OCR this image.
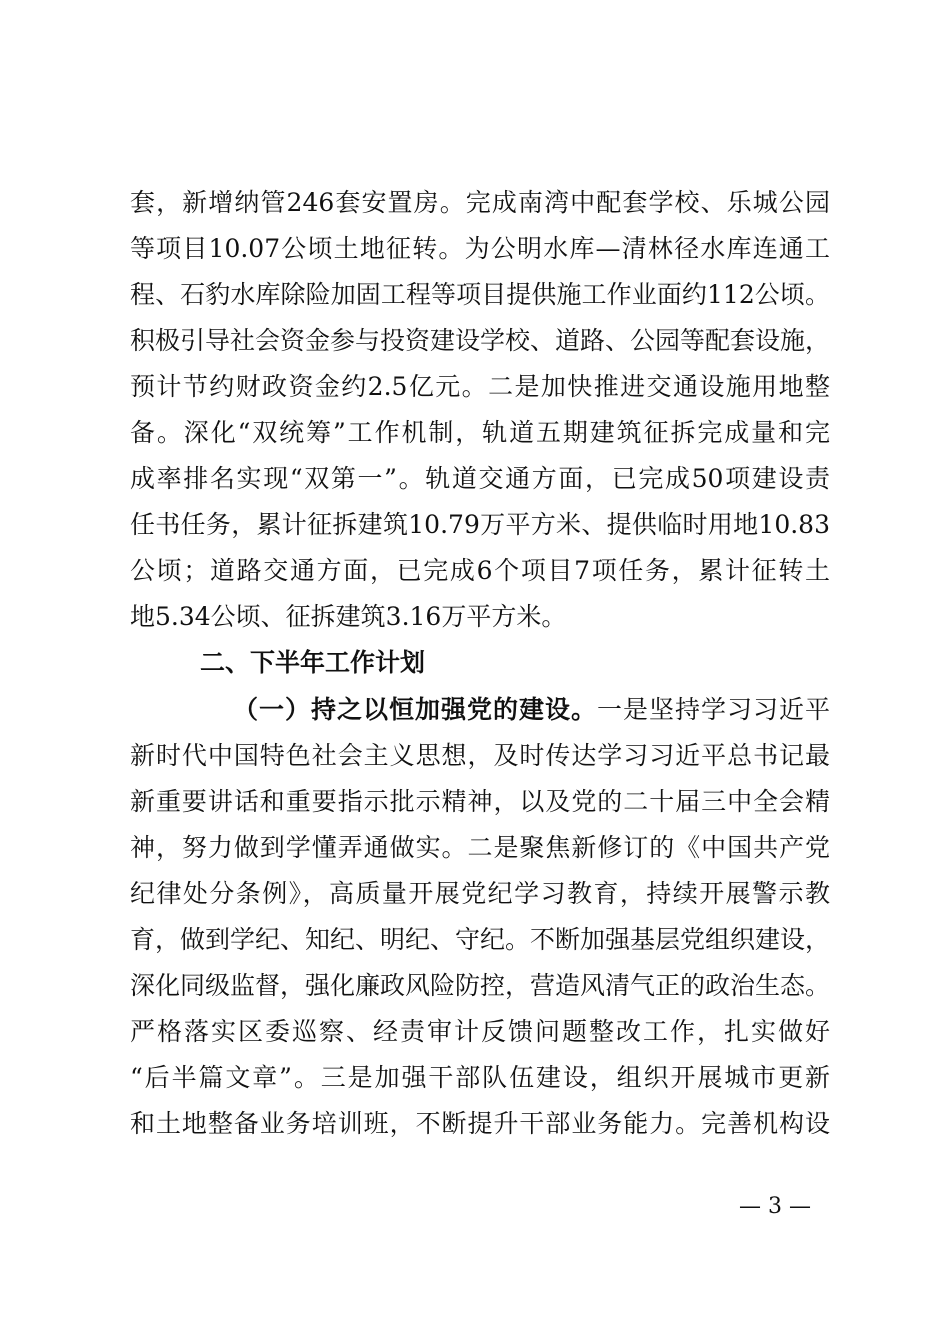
套，新增纳管246套安置房。完成南湾中配套学校、乐城公园
等项目10.07公顷土地征转。为公明水库—清林径水库连通工
程、石豹水库除险加固工程等项目提供施工作业面约112公顷。
积极引导社会资金参与投资建设学校、道路、公园等配套设施，
预计节约财政资金约2.5亿元。二是加快推进交通设施用地整
备。深化“双统筹”工作机制，轨道五期建筑征拆完成量和完
成率排名实现“双第一”。轨道交通方面，已完成50项建设责
任书任务，累计征拆建筑10.79万平方米、提供临时用地10.83
公顷；道路交通方面，已完成6个项目7项任务，累计征转土
地5.34公顷、征拆建筑3.16万平方米。
二、下半年工作计划
（一）持之以恒加强党的建设。一是坚持学习习近平
新时代中国特色社会主义思想，及时传达学习习近平总书记最
新重要讲话和重要指示批示精神，以及党的二十届三中全会精
神，努力做到学懂弄通做实。二是聚焦新修订的《中国共产党
纪律处分条例》，高质量开展党纪学习教育，持续开展警示教
育，做到学纪、知纪、明纪、守纪。不断加强基层党组织建设，
深化同级监督，强化廉政风险防控，营造风清气正的政治生态。
严格落实区委巡察、经责审计反馈问题整改工作，扎实做好
“后半篇文章”。三是加强干部队伍建设，组织开展城市更新
和土地整备业务培训班，不断提升干部业务能力。完善机构设
— 3 —
